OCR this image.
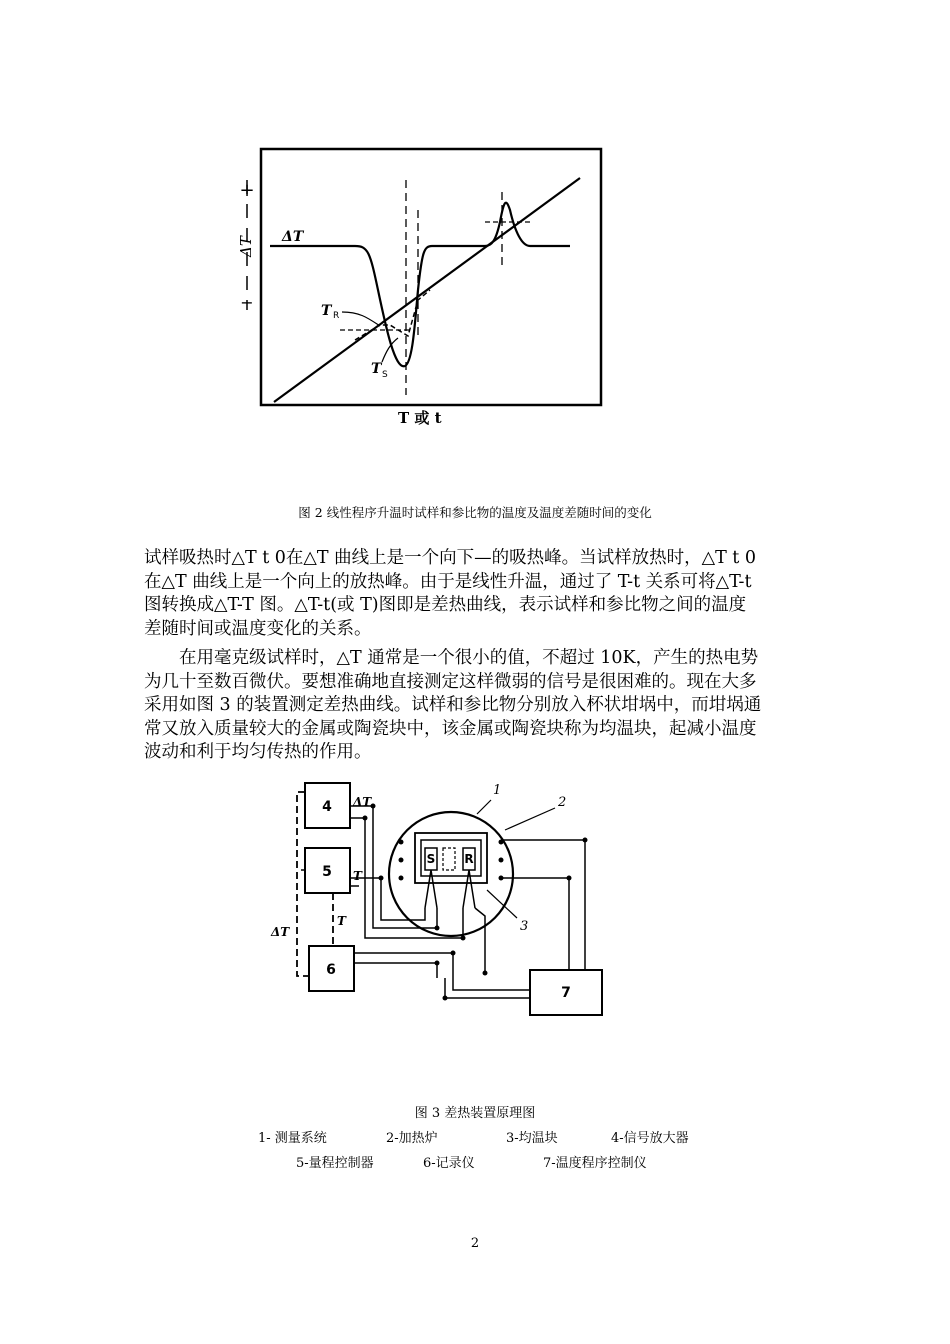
+
−
ΔT ΔT
T R
T S
T 或 t
图 2 线性程序升温时试样和参比物的温度及温度差随时间的变化
试样吸热时△T t 0在△T 曲线上是一个向下—的吸热峰。当试样放热时，△T t 0
在△T 曲线上是一个向上的放热峰。由于是线性升温，通过了 T-t 关系可将△T-t
图转换成△T-T 图。△T-t(或 T)图即是差热曲线，表示试样和参比物之间的温度
差随时间或温度变化的关系。
在用毫克级试样时，△T 通常是一个很小的值，不超过 10K，产生的热电势
为几十至数百微伏。要想准确地直接测定这样微弱的信号是很困难的。现在大多
采用如图 3 的装置测定差热曲线。试样和参比物分别放入杯状坩埚中，而坩埚通
常又放入质量较大的金属或陶瓷块中，该金属或陶瓷块称为均温块，起减小温度
波动和利于均匀传热的作用。
4
5
6
7
ΔT
T
T
ΔT
S R
1
2
3
图 3 差热装置原理图
1- 测量系统	2-加热炉	3-均温块	4-信号放大器
5-量程控制器	6-记录仪	7-温度程序控制仪
2
